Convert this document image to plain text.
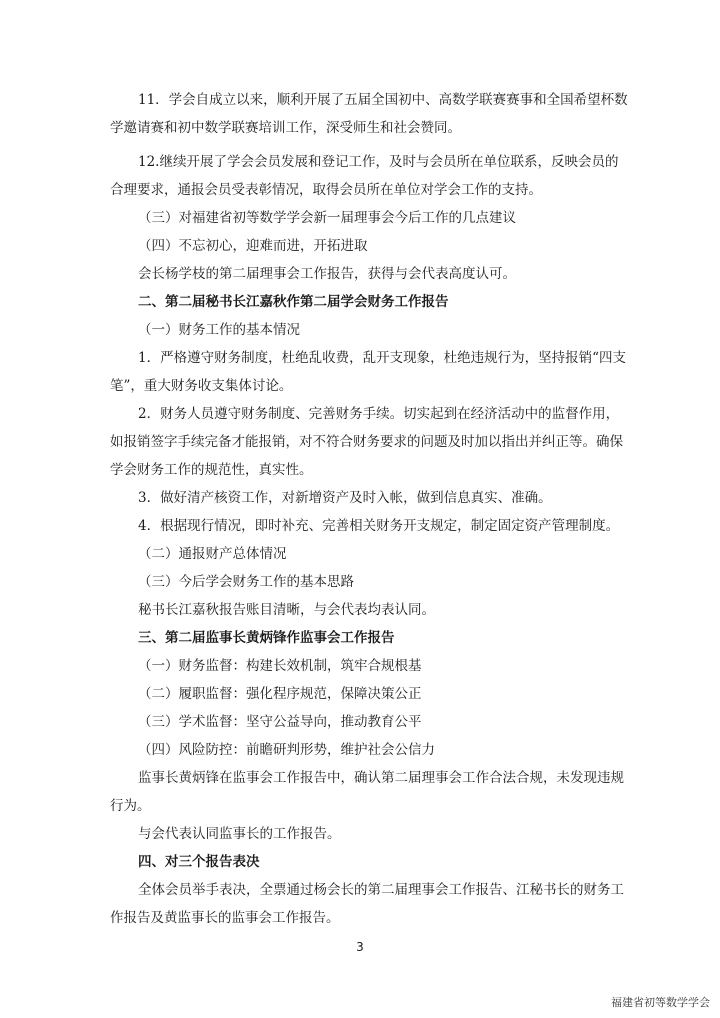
11．学会自成立以来，顺利开展了五届全国初中、高数学联赛赛事和全国希望杯数学邀请赛和初中数学联赛培训工作，深受师生和社会赞同。

12.继续开展了学会会员发展和登记工作，及时与会员所在单位联系，反映会员的合理要求，通报会员受表彰情况，取得会员所在单位对学会工作的支持。

（三）对福建省初等数学学会新一届理事会今后工作的几点建议

（四）不忘初心，迎难而进，开拓进取

会长杨学枝的第二届理事会工作报告，获得与会代表高度认可。

二、第二届秘书长江嘉秋作第二届学会财务工作报告

（一）财务工作的基本情况

1．严格遵守财务制度，杜绝乱收费，乱开支现象，杜绝违规行为，坚持报销“四支笔”，重大财务收支集体讨论。

2．财务人员遵守财务制度、完善财务手续。切实起到在经济活动中的监督作用，如报销签字手续完备才能报销，对不符合财务要求的问题及时加以指出并纠正等。确保学会财务工作的规范性，真实性。

3．做好清产核资工作，对新增资产及时入帐，做到信息真实、准确。

4．根据现行情况，即时补充、完善相关财务开支规定，制定固定资产管理制度。

（二）通报财产总体情况

（三）今后学会财务工作的基本思路

秘书长江嘉秋报告账目清晰，与会代表均表认同。

三、第二届监事长黄炳锋作监事会工作报告

（一）财务监督：构建长效机制，筑牢合规根基

（二）履职监督：强化程序规范，保障决策公正

（三）学术监督：坚守公益导向，推动教育公平

（四）风险防控：前瞻研判形势，维护社会公信力

监事长黄炳锋在监事会工作报告中，确认第二届理事会工作合法合规，未发现违规行为。

与会代表认同监事长的工作报告。

四、对三个报告表决

全体会员举手表决，全票通过杨会长的第二届理事会工作报告、江秘书长的财务工作报告及黄监事长的监事会工作报告。

3
福建省初等数学学会
